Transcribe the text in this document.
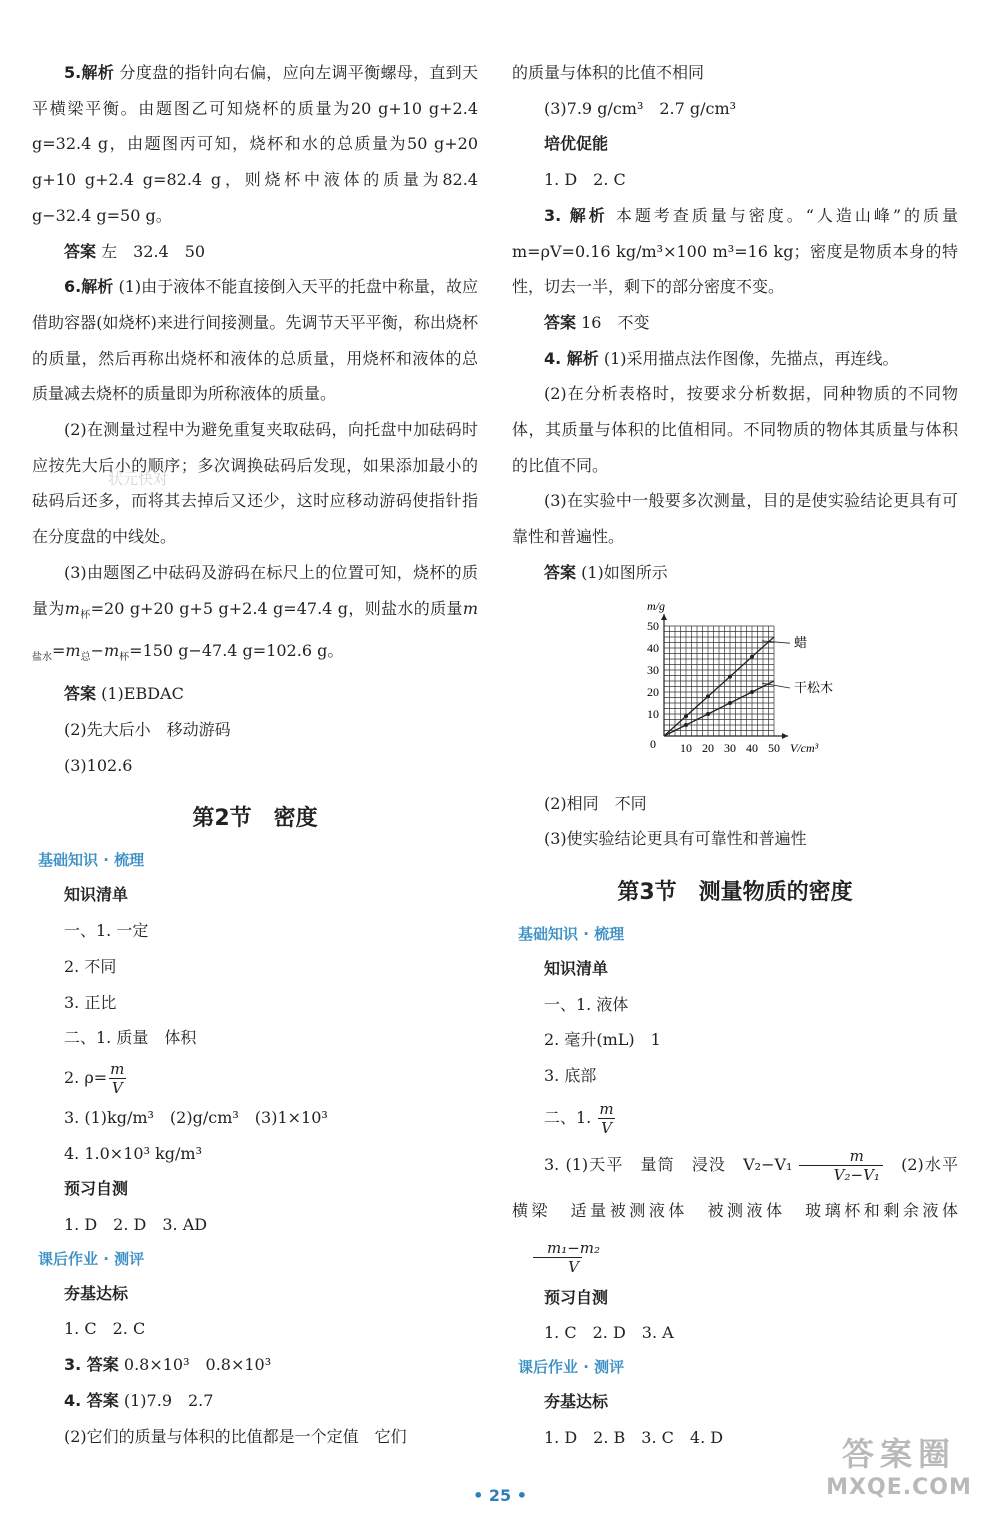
5.解析 分度盘的指针向右偏，应向左调平衡螺母，直到天平横梁平衡。由题图乙可知烧杯的质量为20 g+10 g+2.4 g=32.4 g，由题图丙可知，烧杯和水的总质量为50 g+20 g+10 g+2.4 g=82.4 g，则烧杯中液体的质量为82.4 g−32.4 g=50 g。

答案 左　32.4　50

6.解析 (1)由于液体不能直接倒入天平的托盘中称量，故应借助容器(如烧杯)来进行间接测量。先调节天平平衡，称出烧杯的质量，然后再称出烧杯和液体的总质量，用烧杯和液体的总质量减去烧杯的质量即为所称液体的质量。

(2)在测量过程中为避免重复夹取砝码，向托盘中加砝码时应按先大后小的顺序；多次调换砝码后发现，如果添加最小的砝码后还多，而将其去掉后又还少，这时应移动游码使指针指在分度盘的中线处。

(3)由题图乙中砝码及游码在标尺上的位置可知，烧杯的质量为$m_杯=20$ g+20 g+5 g+2.4 g=47.4 g，则盐水的质量$m_{盐水}=m_总-m_杯=150$ g−47.4 g=102.6 g。

答案 (1)EBDAC

(2)先大后小　移动游码

(3)102.6

第2节　密度
基础知识 · 梳理

知识清单

一、1. 一定

2. 不同

3. 正比

二、1. 质量　体积

2. $\rho= \frac{m}{V}$

3. (1)kg/m³　(2)g/cm³　(3)1×10³

4. 1.0×10³ kg/m³

预习自测

1. D　2. D　3. AD

课后作业 · 测评

夯基达标

1. C　2. C

3. 答案 0.8×10³　0.8×10³

4. 答案 (1)7.9　2.7

(2)它们的质量与体积的比值都是一个定值　它们

状元快对

的质量与体积的比值不相同

(3)7.9 g/cm³　2.7 g/cm³

培优促能

1. D　2. C

3. 解析 本题考查质量与密度。“人造山峰”的质量m=ρV=0.16 kg/m³×100 m³=16 kg；密度是物质本身的特性，切去一半，剩下的部分密度不变。

答案 16　不变

4. 解析 (1)采用描点法作图像，先描点，再连线。

(2)在分析表格时，按要求分析数据，同种物质的不同物体，其质量与体积的比值相同。不同物质的物体其质量与体积的比值不同。

(3)在实验中一般要多次测量，目的是使实验结论更具有可靠性和普遍性。

答案 (1)如图所示

10 20 30 40 50
10
20
30
40
50
0	V/cm³
m/g
蜡
干松木

(2)相同　不同

(3)使实验结论更具有可靠性和普遍性

第3节　测量物质的密度
基础知识 · 梳理

知识清单

一、1. 液体

2. 毫升(mL)　1

3. 底部

二、1. $\frac{m}{V}$

3. (1)天平　量筒　浸没　$V_2-V_1 \frac{m}{\text{V₂−V₁}}$ 　(2)水平　横梁　适量被测液体　被测液体　玻璃杯和剩余液体
$\frac{\text{m₁−m₂}}{V}$

预习自测

1. C　2. D　3. A

课后作业 · 测评

夯基达标

1. D　2. B　3. C　4. D

• 25 •
答案圈
MXQE.COM
